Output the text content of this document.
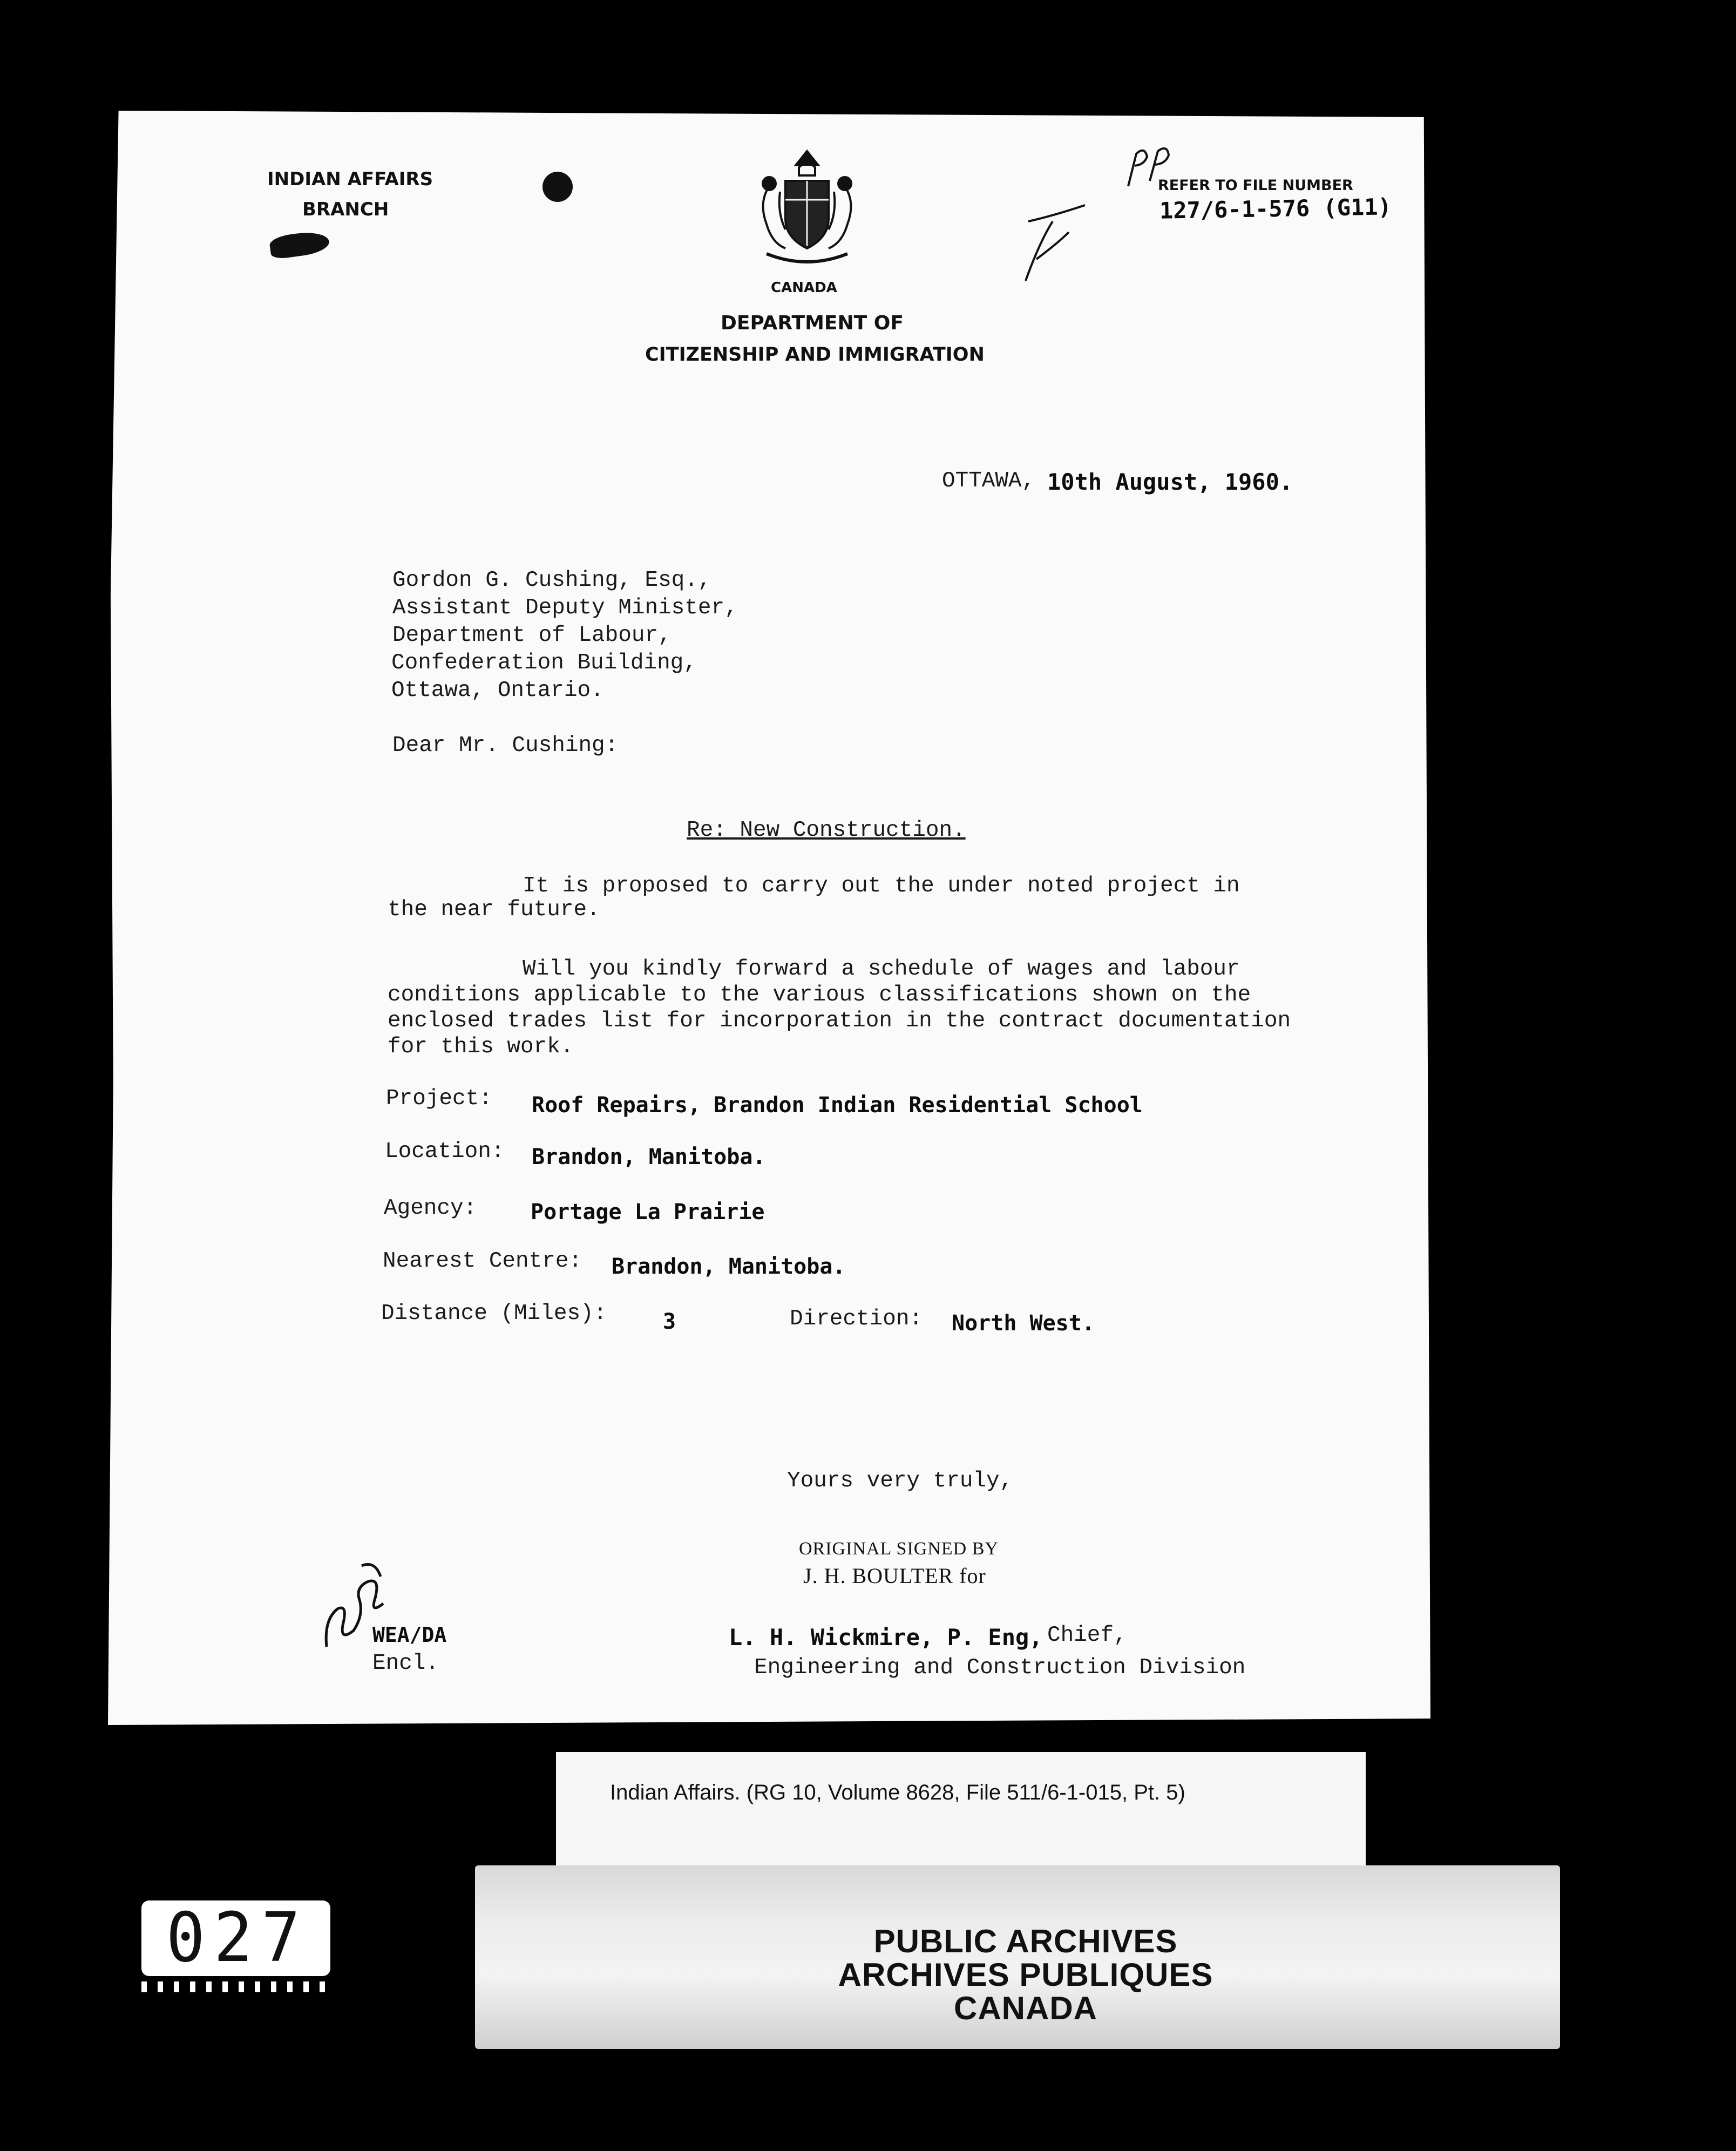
INDIAN AFFAIRS
BRANCH
CANADA
DEPARTMENT OF
CITIZENSHIP AND IMMIGRATION
REFER TO FILE NUMBER
127/6-1-576 (G11)
OTTAWA, 10th August, 1960.
Gordon G. Cushing, Esq.,
Assistant Deputy Minister,
Department of Labour,
Confederation Building,
Ottawa, Ontario.
Dear Mr. Cushing:
Re: New Construction.
It is proposed to carry out the under noted project in
the near future.
Will you kindly forward a schedule of wages and labour
conditions applicable to the various classifications shown on the
enclosed trades list for incorporation in the contract documentation
for this work.
Project: Roof Repairs, Brandon Indian Residential School
Location: Brandon, Manitoba.
Agency: Portage La Prairie
Nearest Centre: Brandon, Manitoba.
Distance (Miles):	3	Direction: North West.
Yours very truly,
ORIGINAL SIGNED BY
J. H. BOULTER for
L. H. Wickmire, P. Eng, Chief,
Engineering and Construction Division
WEA/DA
Encl.
Indian Affairs. (RG 10, Volume 8628, File 511/6-1-015, Pt. 5)
PUBLIC ARCHIVES
ARCHIVES PUBLIQUES
CANADA
027
